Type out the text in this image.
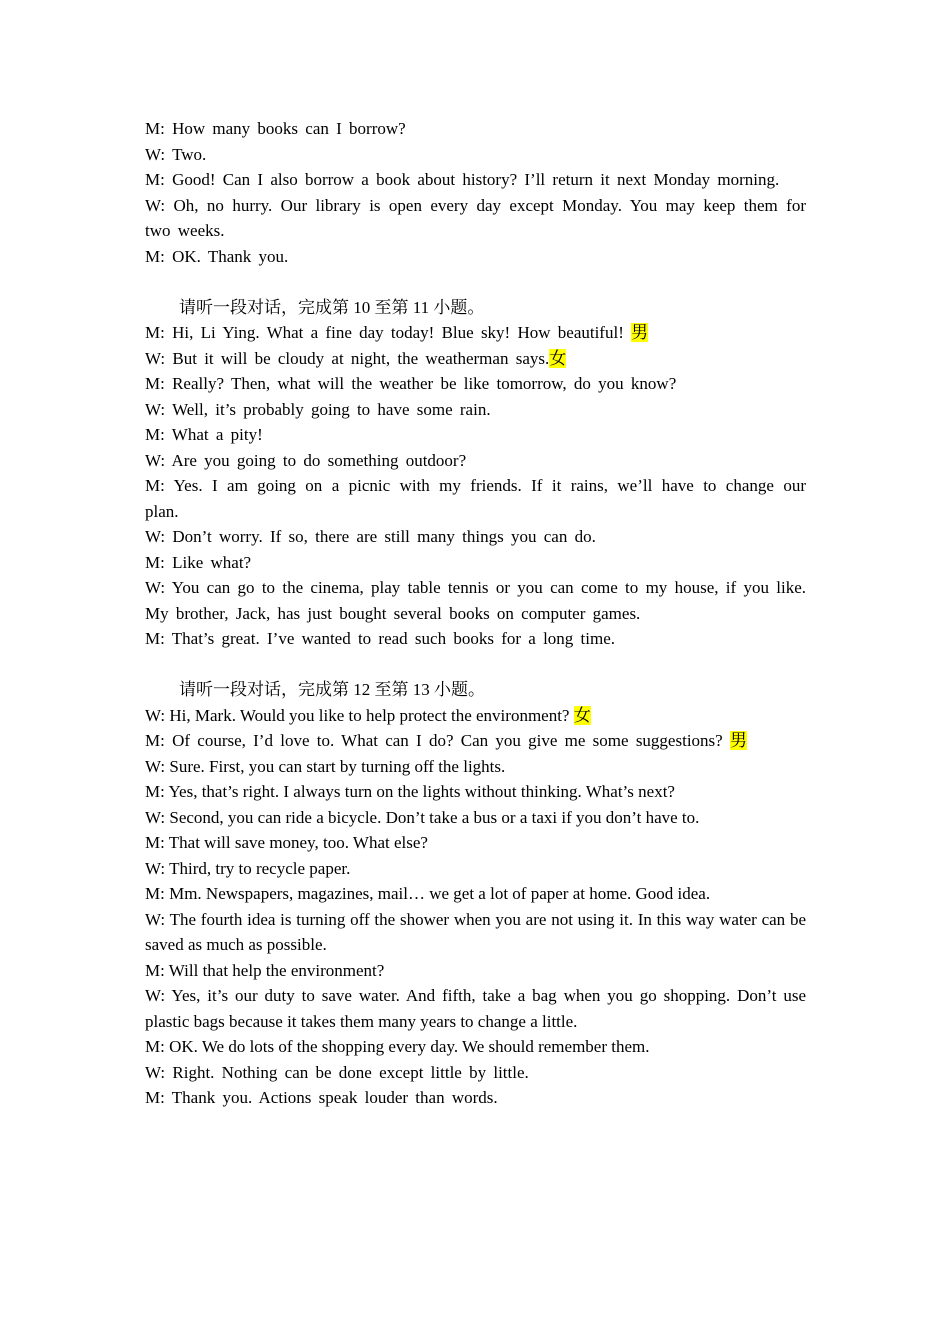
M: How many books can I borrow?

W: Two.

M: Good! Can I also borrow a book about history? I’ll return it next Monday morning.

W: Oh, no hurry. Our library is open every day except Monday. You may keep them for two weeks.

M: OK. Thank you.

请听一段对话，完成第 10 至第 11 小题。

M: Hi, Li Ying. What a fine day today! Blue sky! How beautiful! 男

W: But it will be cloudy at night, the weatherman says.女

M: Really? Then, what will the weather be like tomorrow, do you know?

W: Well, it’s probably going to have some rain.

M: What a pity!

W: Are you going to do something outdoor?

M: Yes. I am going on a picnic with my friends. If it rains, we’ll have to change our plan.

W: Don’t worry. If so, there are still many things you can do.

M: Like what?

W: You can go to the cinema, play table tennis or you can come to my house, if you like. My brother, Jack, has just bought several books on computer games.

M: That’s great. I’ve wanted to read such books for a long time.

请听一段对话，完成第 12 至第 13 小题。

W: Hi, Mark. Would you like to help protect the environment? 女

M: Of course, I’d love to. What can I do? Can you give me some suggestions? 男

W: Sure. First, you can start by turning off the lights.

M: Yes, that’s right. I always turn on the lights without thinking. What’s next?

W: Second, you can ride a bicycle. Don’t take a bus or a taxi if you don’t have to.

M: That will save money, too. What else?

W: Third, try to recycle paper.

M: Mm. Newspapers, magazines, mail… we get a lot of paper at home. Good idea.

W: The fourth idea is turning off the shower when you are not using it. In this way water can be saved as much as possible.

M: Will that help the environment?

W: Yes, it’s our duty to save water. And fifth, take a bag when you go shopping. Don’t use plastic bags because it takes them many years to change a little.

M: OK. We do lots of the shopping every day. We should remember them.

W: Right. Nothing can be done except little by little.

M: Thank you. Actions speak louder than words.
